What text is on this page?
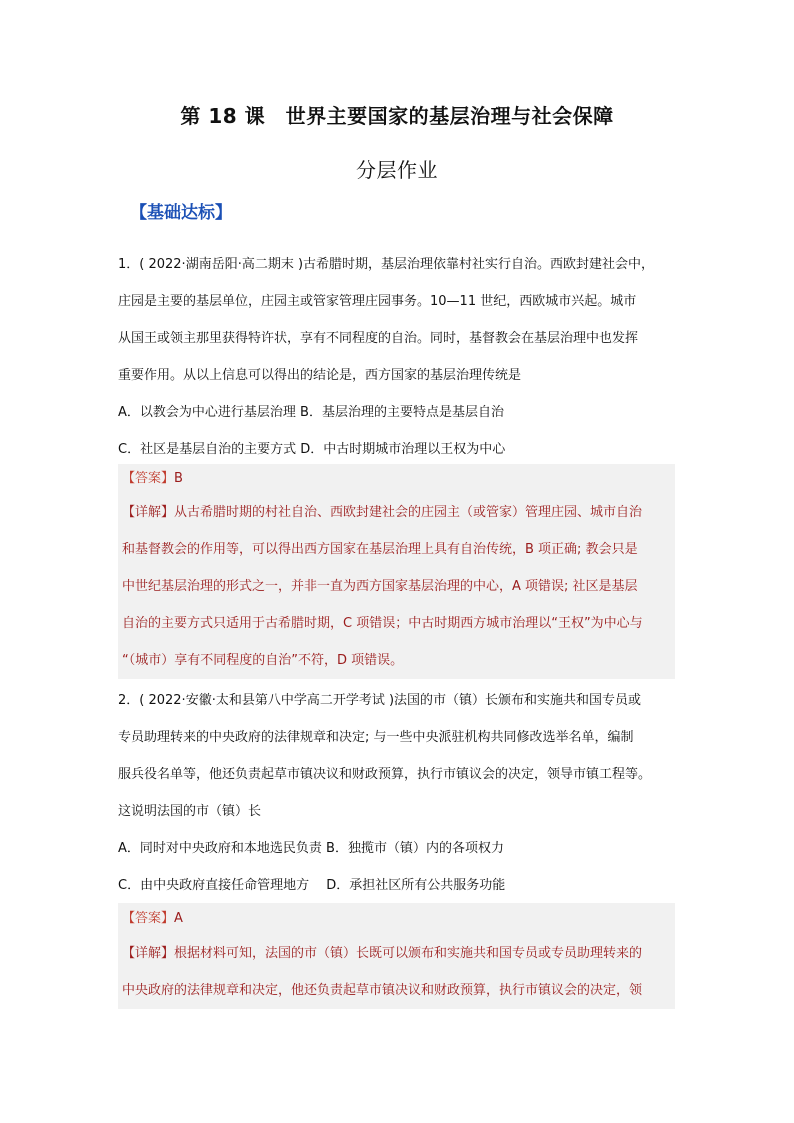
第 18 课　世界主要国家的基层治理与社会保障
分层作业
【基础达标】
1．( 2022·湖南岳阳·高二期末 )古希腊时期，基层治理依靠村社实行自治。西欧封建社会中，
庄园是主要的基层单位，庄园主或管家管理庄园事务。10—11 世纪，西欧城市兴起。城市
从国王或领主那里获得特许状，享有不同程度的自治。同时，基督教会在基层治理中也发挥
重要作用。从以上信息可以得出的结论是，西方国家的基层治理传统是
A．以教会为中心进行基层治理 B．基层治理的主要特点是基层自治
C．社区是基层自治的主要方式 D．中古时期城市治理以王权为中心
【答案】B
【详解】从古希腊时期的村社自治、西欧封建社会的庄园主（或管家）管理庄园、城市自治
和基督教会的作用等，可以得出西方国家在基层治理上具有自治传统，B 项正确; 教会只是
中世纪基层治理的形式之一，并非一直为西方国家基层治理的中心，A 项错误; 社区是基层
自治的主要方式只适用于古希腊时期，C 项错误；中古时期西方城市治理以“王权”为中心与
“（城市）享有不同程度的自治”不符，D 项错误。
2．( 2022·安徽·太和县第八中学高二开学考试 )法国的市（镇）长颁布和实施共和国专员或
专员助理转来的中央政府的法律规章和决定; 与一些中央派驻机构共同修改选举名单，编制
服兵役名单等，他还负责起草市镇决议和财政预算，执行市镇议会的决定，领导市镇工程等。
这说明法国的市（镇）长
A．同时对中央政府和本地选民负责 B．独揽市（镇）内的各项权力
C．由中央政府直接任命管理地方　 D．承担社区所有公共服务功能
【答案】A
【详解】根据材料可知，法国的市（镇）长既可以颁布和实施共和国专员或专员助理转来的
中央政府的法律规章和决定，他还负责起草市镇决议和财政预算，执行市镇议会的决定，领
